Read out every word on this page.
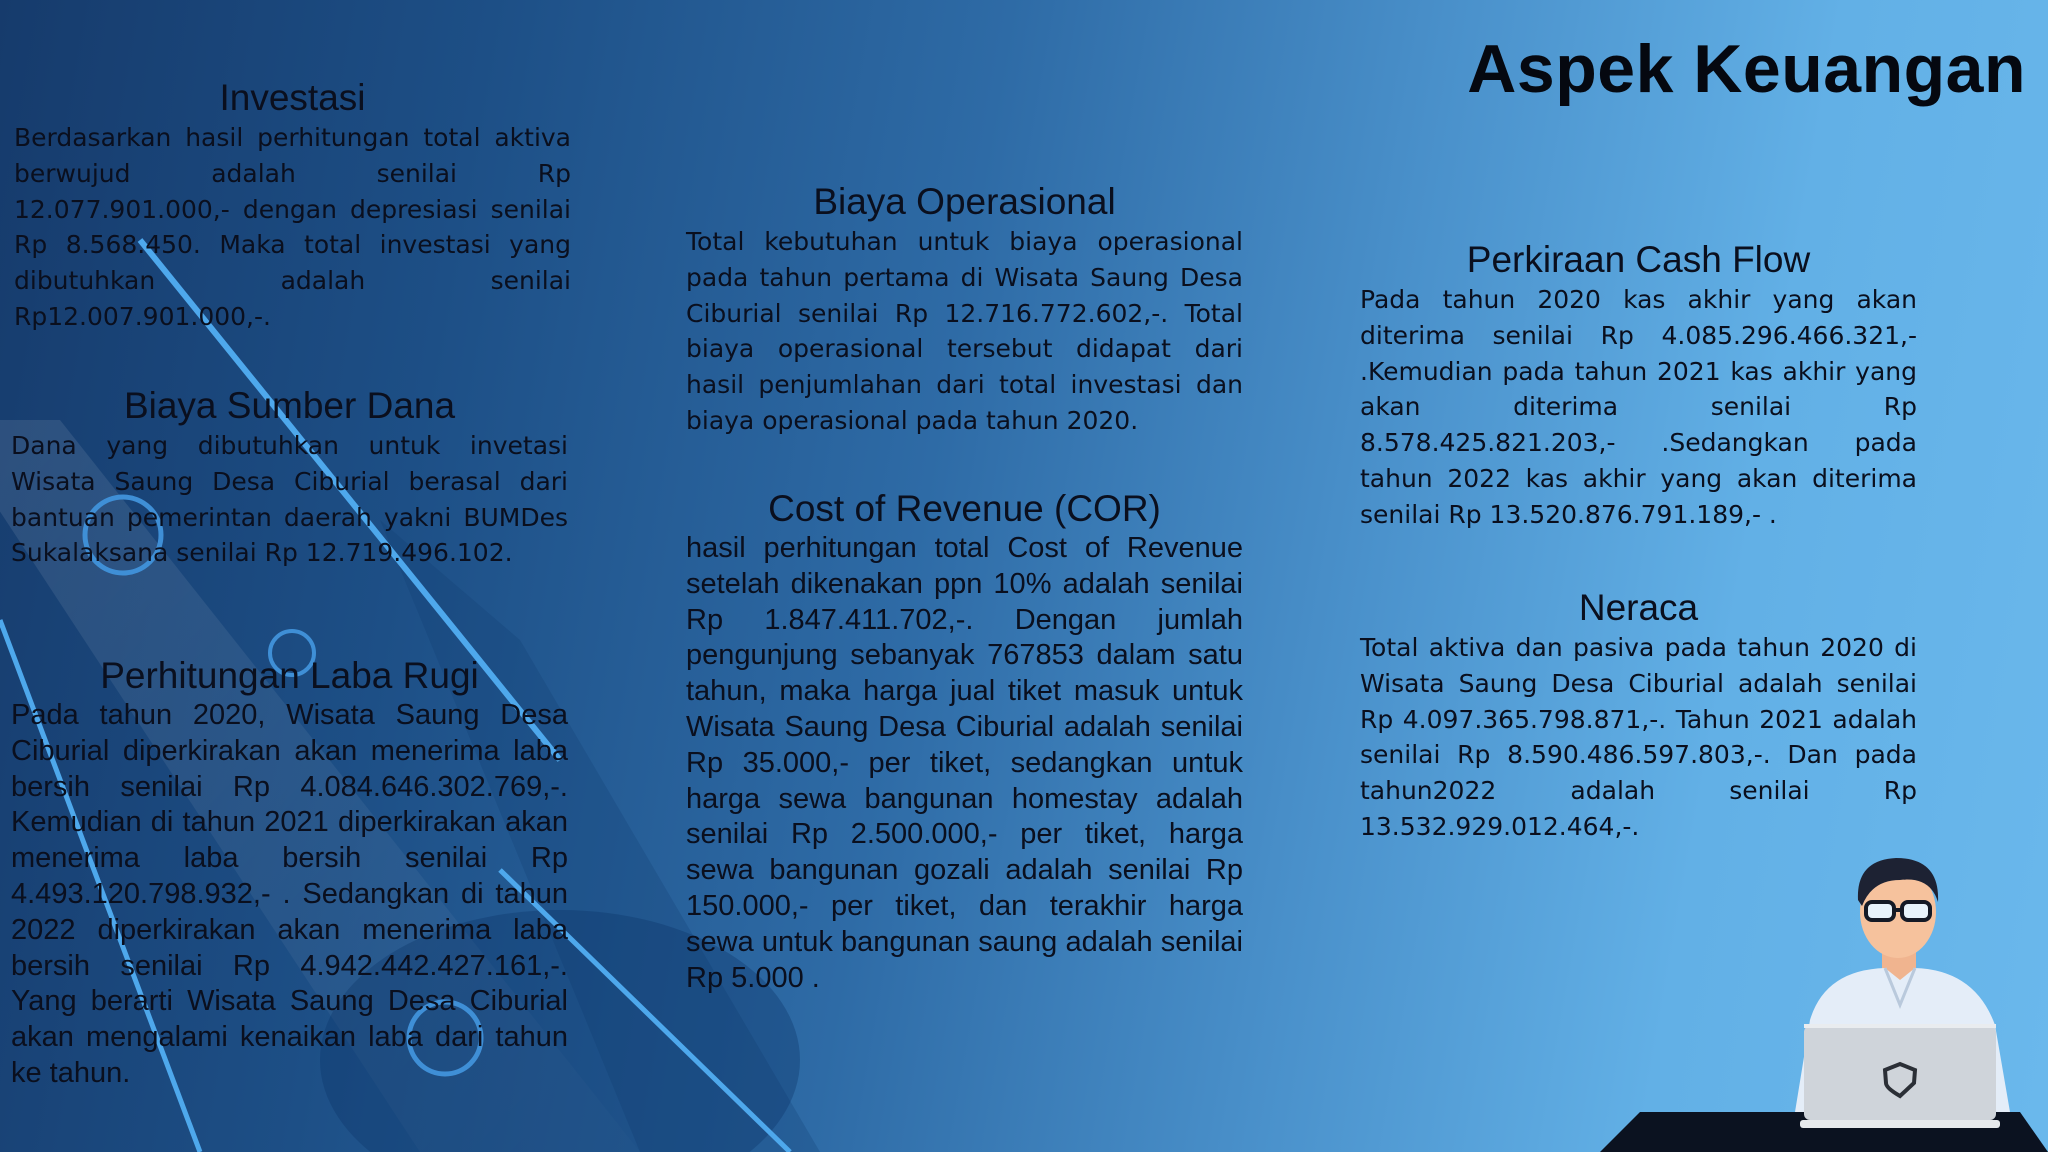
Aspek Keuangan
Investasi

Berdasarkan hasil perhitungan total aktiva berwujud adalah senilai Rp 12.077.901.000,- dengan depresiasi senilai Rp 8.568.450. Maka total investasi yang dibutuhkan adalah senilai Rp12.007.901.000,-.

Biaya Sumber Dana

Dana yang dibutuhkan untuk invetasi Wisata Saung Desa Ciburial berasal dari bantuan pemerintan daerah yakni BUMDes Sukalaksana senilai Rp 12.719.496.102.

Perhitungan Laba Rugi

Pada tahun 2020, Wisata Saung Desa Ciburial diperkirakan akan menerima laba bersih senilai Rp 4.084.646.302.769,-. Kemudian di tahun 2021 diperkirakan akan menerima laba bersih senilai Rp 4.493.120.798.932,- . Sedangkan di tahun 2022 diperkirakan akan menerima laba bersih senilai Rp 4.942.442.427.161,-. Yang berarti Wisata Saung Desa Ciburial akan mengalami kenaikan laba dari tahun ke tahun.

Biaya Operasional

Total kebutuhan untuk biaya operasional pada tahun pertama di Wisata Saung Desa Ciburial senilai Rp 12.716.772.602,-. Total biaya operasional tersebut didapat dari hasil penjumlahan dari total investasi dan biaya operasional pada tahun 2020.

Cost of Revenue (COR)

hasil perhitungan total Cost of Revenue setelah dikenakan ppn 10% adalah senilai Rp 1.847.411.702,-. Dengan jumlah pengunjung sebanyak 767853 dalam satu tahun, maka harga jual tiket masuk untuk Wisata Saung Desa Ciburial adalah senilai Rp 35.000,- per tiket, sedangkan untuk harga sewa bangunan homestay adalah senilai Rp 2.500.000,- per tiket, harga sewa bangunan gozali adalah senilai Rp 150.000,- per tiket, dan terakhir harga sewa untuk bangunan saung adalah senilai Rp 5.000 .

Perkiraan Cash Flow

Pada tahun 2020 kas akhir yang akan diterima senilai Rp 4.085.296.466.321,- .Kemudian pada tahun 2021 kas akhir yang akan diterima senilai Rp 8.578.425.821.203,- .Sedangkan pada tahun 2022 kas akhir yang akan diterima senilai Rp 13.520.876.791.189,- .

Neraca

Total aktiva dan pasiva pada tahun 2020 di Wisata Saung Desa Ciburial adalah senilai Rp 4.097.365.798.871,-. Tahun 2021 adalah senilai Rp 8.590.486.597.803,-. Dan pada tahun2022 adalah senilai Rp 13.532.929.012.464,-.
